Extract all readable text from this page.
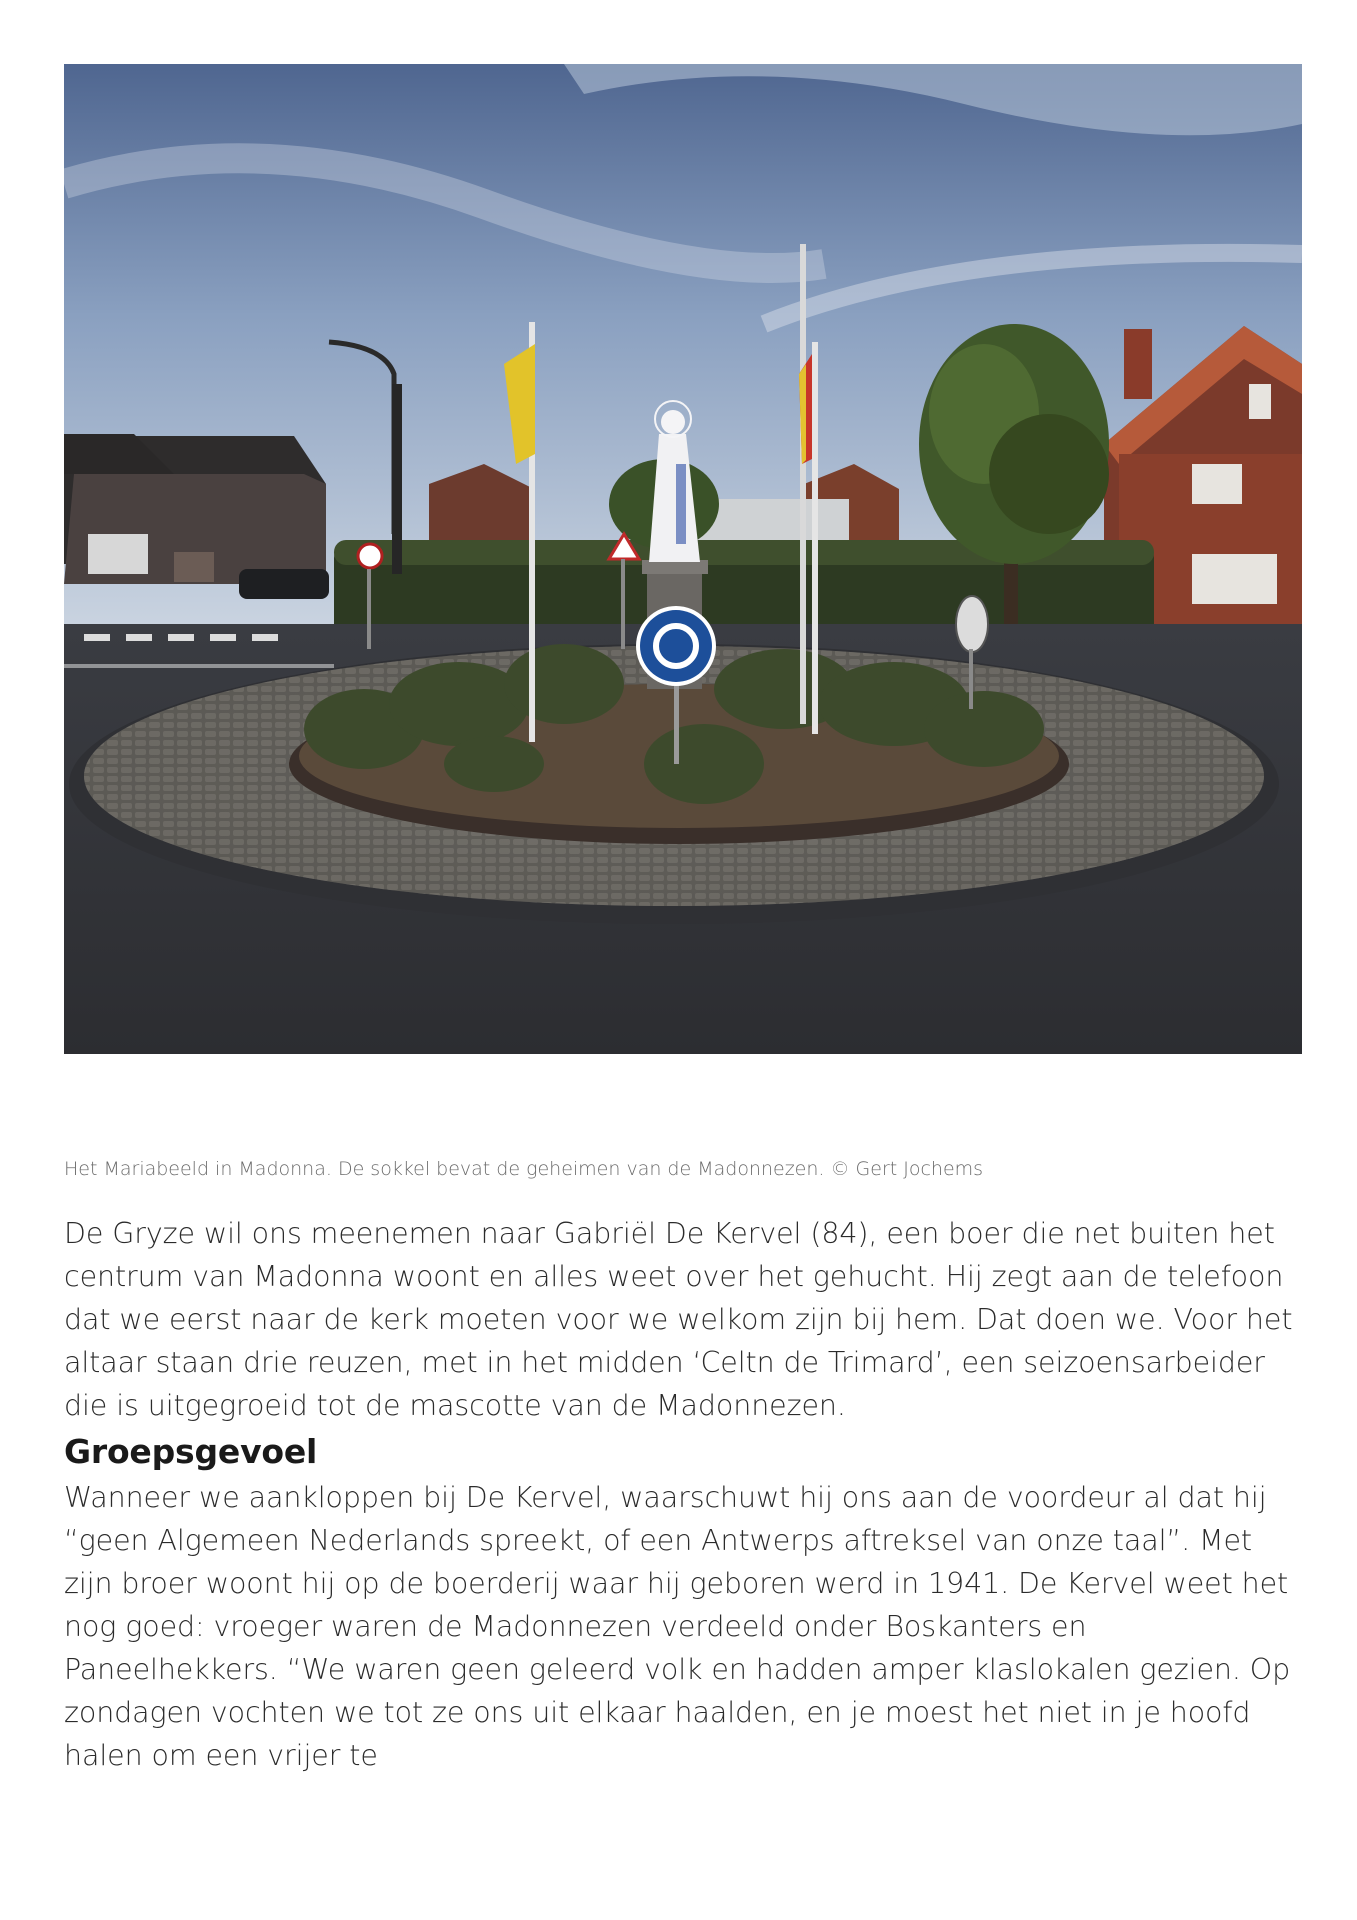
Het Mariabeeld in Madonna. De sokkel bevat de geheimen van de Madonnezen. © Gert Jochems

De Gryze wil ons meenemen naar Gabriël De Kervel (84), een boer die net buiten het centrum van Madonna woont en alles weet over het gehucht. Hij zegt aan de telefoon dat we eerst naar de kerk moeten voor we welkom zijn bij hem. Dat doen we. Voor het altaar staan drie reuzen, met in het midden ‘Celtn de Trimard’, een seizoensarbeider die is uitgegroeid tot de mascotte van de Madonnezen.

Groepsgevoel

Wanneer we aankloppen bij De Kervel, waarschuwt hij ons aan de voordeur al dat hij “geen Algemeen Nederlands spreekt, of een Antwerps aftreksel van onze taal”. Met zijn broer woont hij op de boerderij waar hij geboren werd in 1941. De Kervel weet het nog goed: vroeger waren de Madonnezen verdeeld onder Boskanters en Paneelhekkers. “We waren geen geleerd volk en hadden amper klaslokalen gezien. Op zondagen vochten we tot ze ons uit elkaar haalden, en je moest het niet in je hoofd halen om een vrijer te
